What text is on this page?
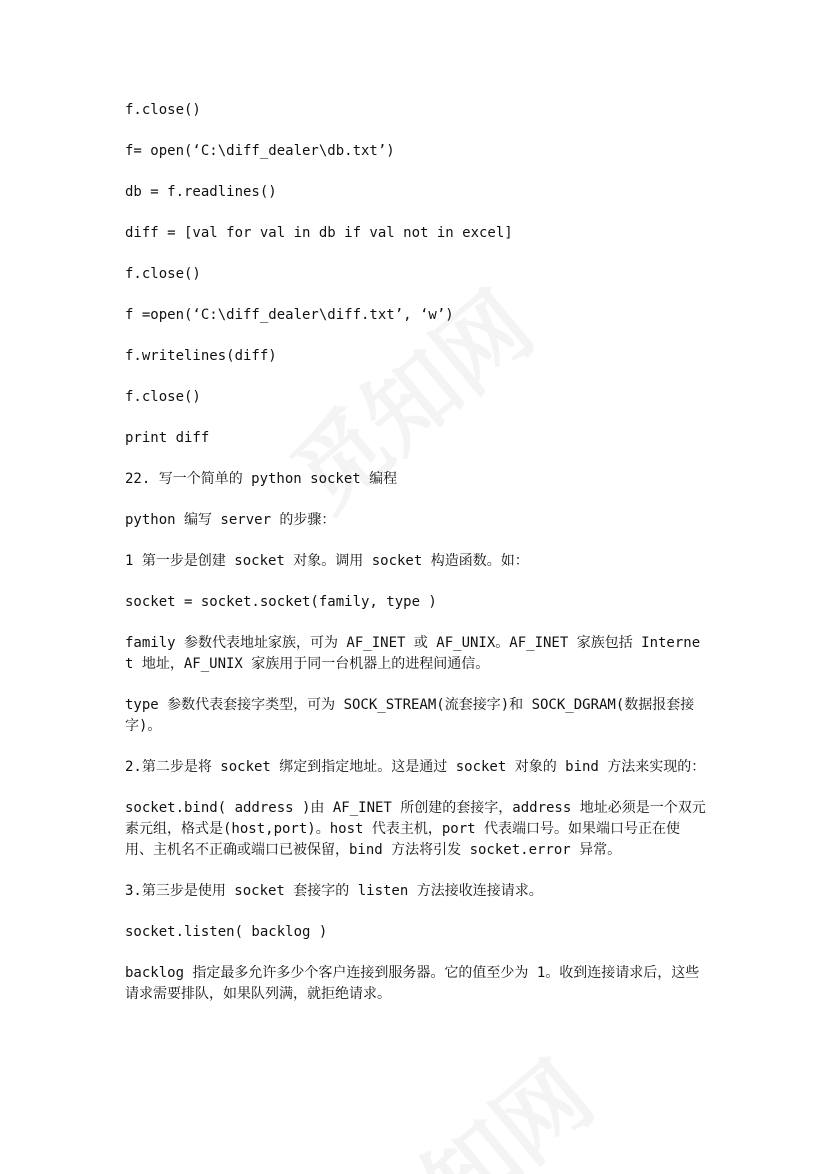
f.close()
f= open(‘C:\diff_dealer\db.txt’)
db = f.readlines()
diff = [val for val in db if val not in excel]
f.close()
f =open(‘C:\diff_dealer\diff.txt’, ‘w’)
f.writelines(diff)
f.close()
print diff
22. 写一个简单的 python socket 编程
python 编写 server 的步骤：
1 第一步是创建 socket 对象。调用 socket 构造函数。如：
socket = socket.socket(family, type )
family 参数代表地址家族，可为 AF_INET 或 AF_UNIX。AF_INET 家族包括 Internet 地址，AF_UNIX 家族用于同一台机器上的进程间通信。
type 参数代表套接字类型，可为 SOCK_STREAM(流套接字)和 SOCK_DGRAM(数据报套接字)。
2.第二步是将 socket 绑定到指定地址。这是通过 socket 对象的 bind 方法来实现的：
socket.bind( address )由 AF_INET 所创建的套接字，address 地址必须是一个双元素元组，格式是(host,port)。host 代表主机，port 代表端口号。如果端口号正在使用、主机名不正确或端口已被保留，bind 方法将引发 socket.error 异常。
3.第三步是使用 socket 套接字的 listen 方法接收连接请求。
socket.listen( backlog )
backlog 指定最多允许多少个客户连接到服务器。它的值至少为 1。收到连接请求后，这些请求需要排队，如果队列满，就拒绝请求。
